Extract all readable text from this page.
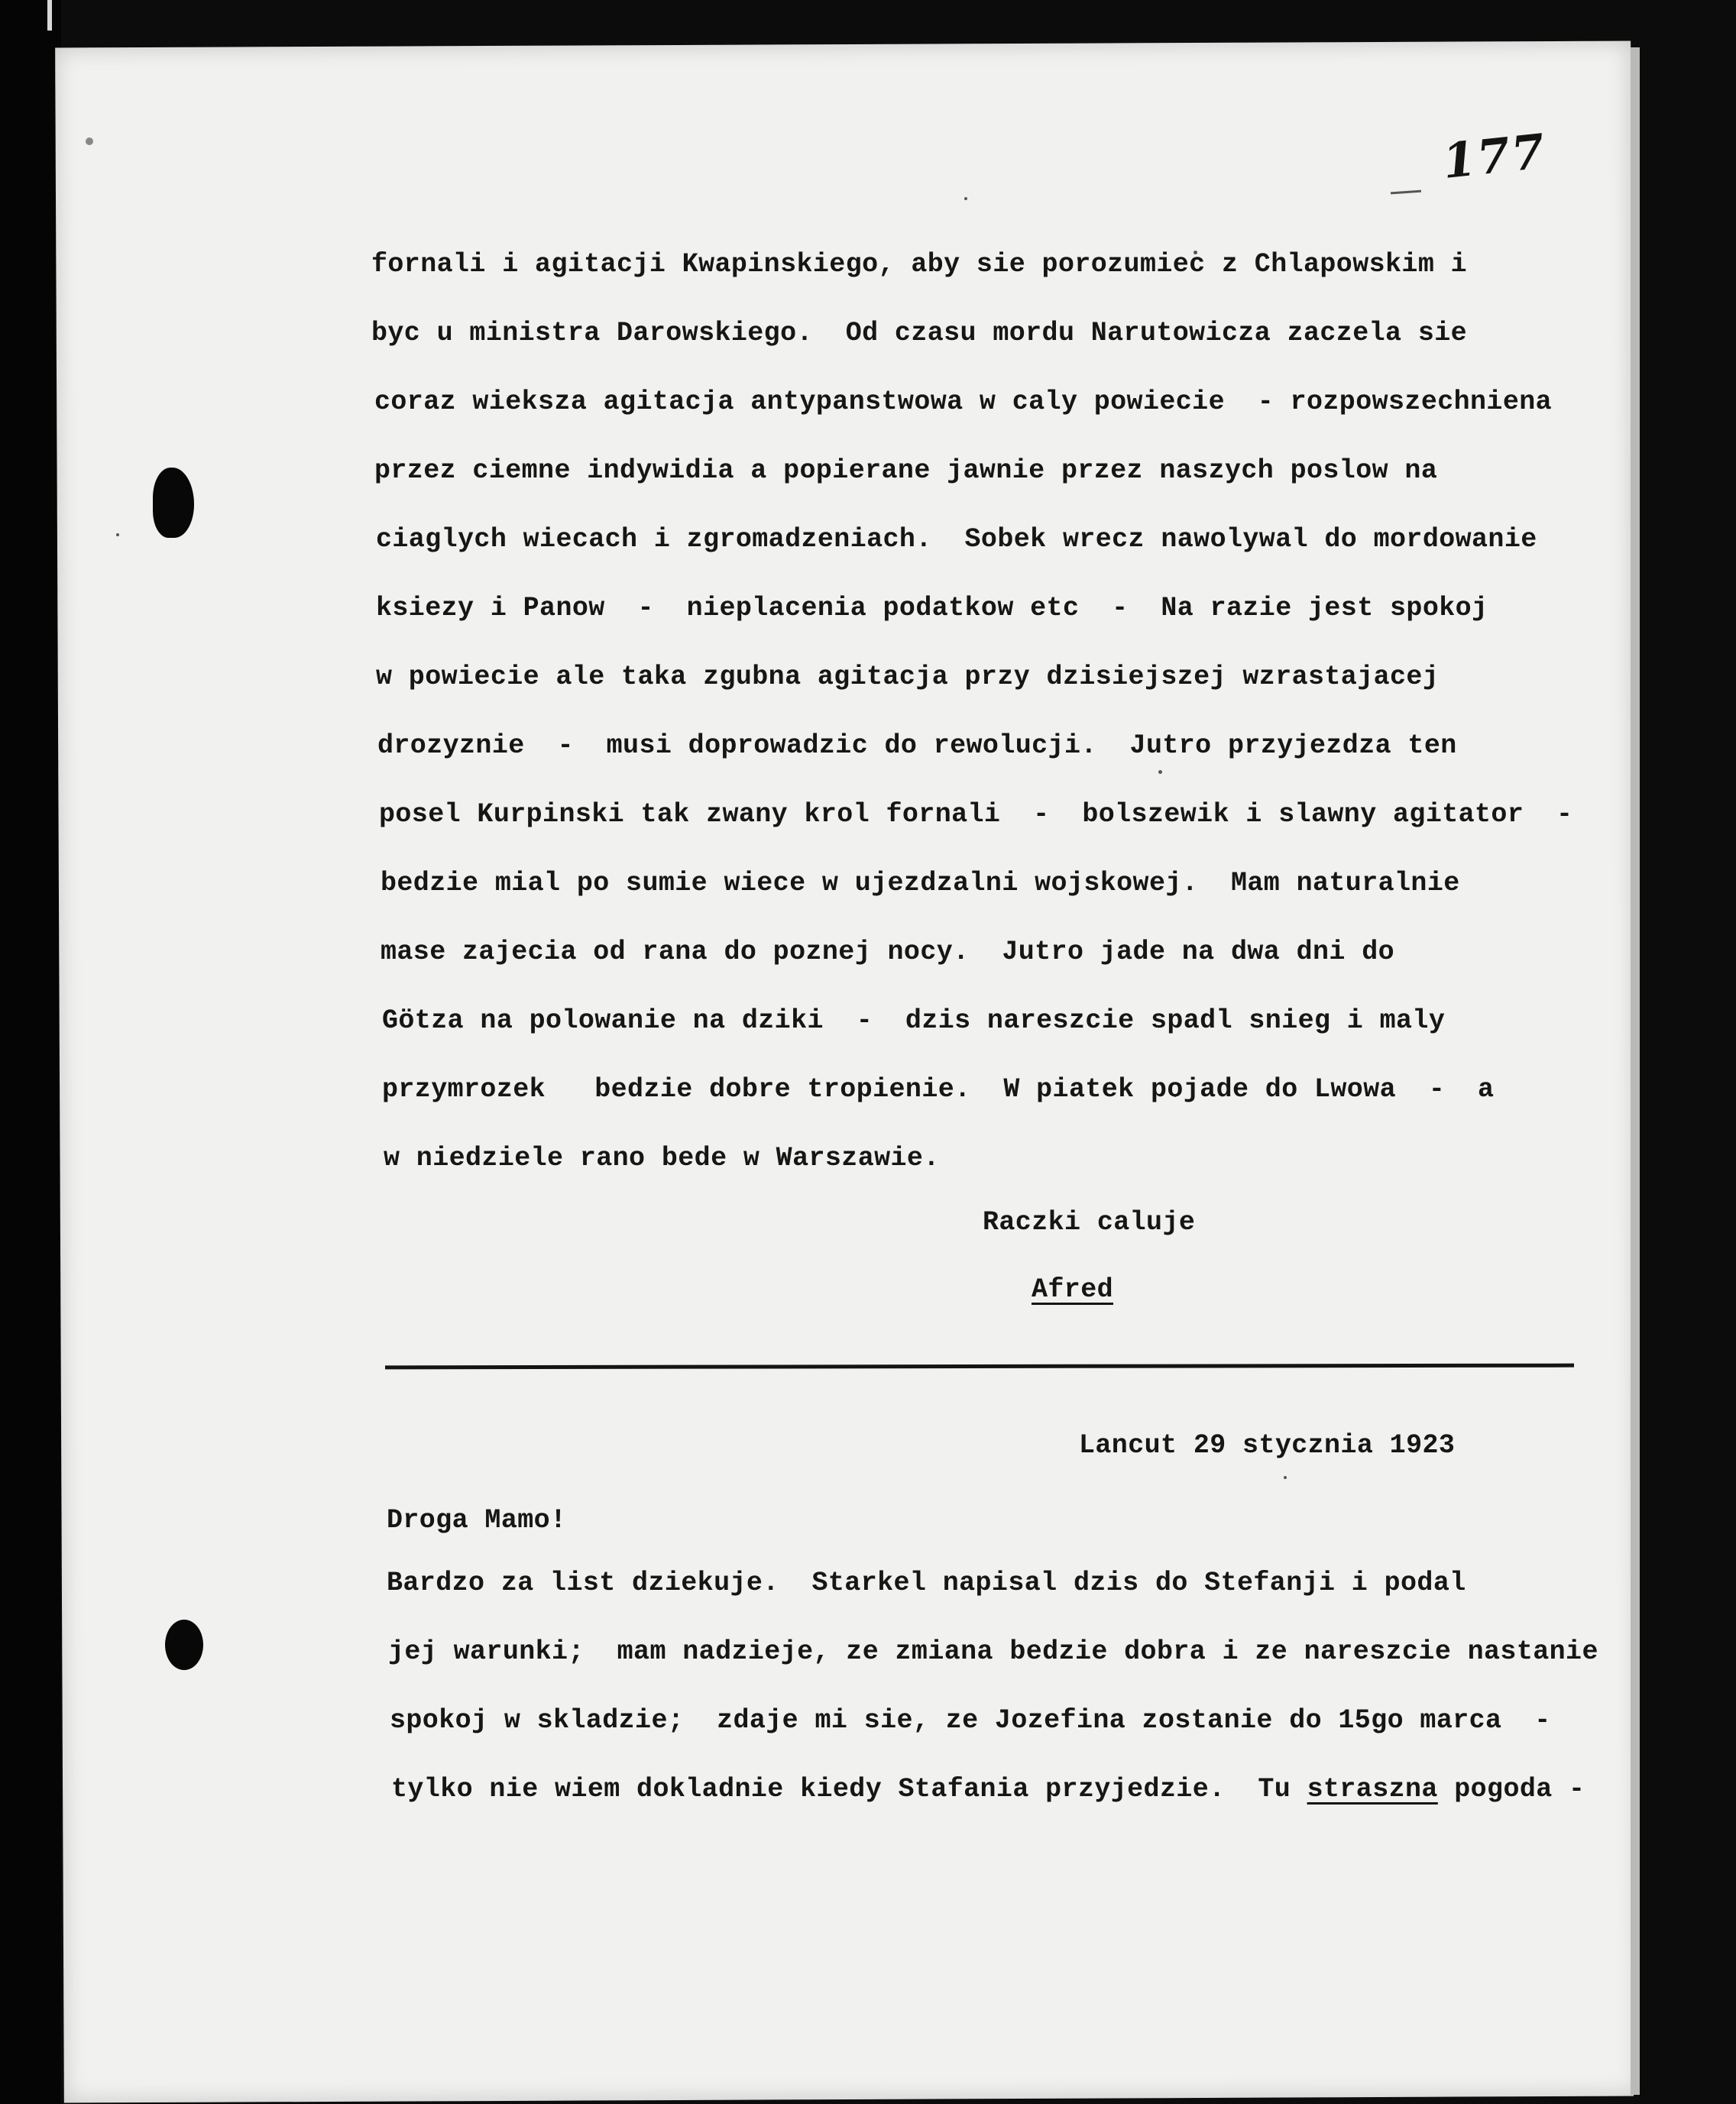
177
fornali i agitacji Kwapinskiego, aby sie porozumiec z Chlapowskim i
byc u ministra Darowskiego.  Od czasu mordu Narutowicza zaczela sie
coraz wieksza agitacja antypanstwowa w caly powiecie  - rozpowszechniena
przez ciemne indywidia a popierane jawnie przez naszych poslow na
ciaglych wiecach i zgromadzeniach.  Sobek wrecz nawolywal do mordowanie
ksiezy i Panow  -  nieplacenia podatkow etc  -  Na razie jest spokoj
w powiecie ale taka zgubna agitacja przy dzisiejszej wzrastajacej
drozyznie  -  musi doprowadzic do rewolucji.  Jutro przyjezdza ten
posel Kurpinski tak zwany krol fornali  -  bolszewik i slawny agitator  -
bedzie mial po sumie wiece w ujezdzalni wojskowej.  Mam naturalnie
mase zajecia od rana do poznej nocy.  Jutro jade na dwa dni do
Götza na polowanie na dziki  -  dzis nareszcie spadl snieg i maly
przymrozek   bedzie dobre tropienie.  W piatek pojade do Lwowa  -  a
w niedziele rano bede w Warszawie.
Raczki caluje
Afred
Lancut 29 stycznia 1923
Droga Mamo!
Bardzo za list dziekuje.  Starkel napisal dzis do Stefanji i podal
jej warunki;  mam nadzieje, ze zmiana bedzie dobra i ze nareszcie nastanie
spokoj w skladzie;  zdaje mi sie, ze Jozefina zostanie do 15go marca  -
tylko nie wiem dokladnie kiedy Stafania przyjedzie.  Tu straszna pogoda -
